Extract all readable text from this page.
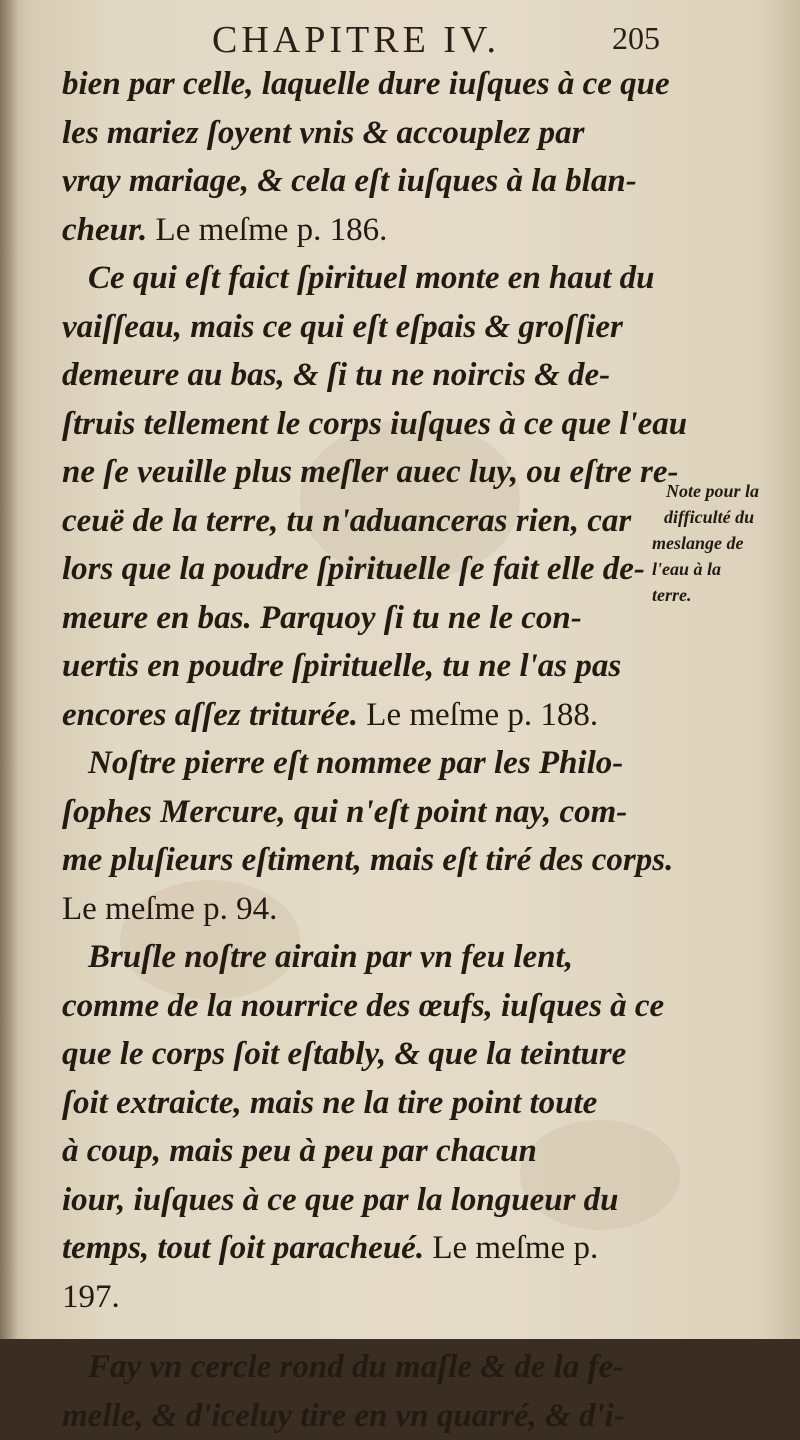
CHAPITRE IV.	205
bien par celle, laquelle dure iuſques à ce que
les mariez ſoyent vnis & accouplez par
vray mariage, & cela eſt iuſques à la blan-
cheur. Le meſme p. 186.
Ce qui eſt faict ſpirituel monte en haut du
vaiſſeau, mais ce qui eſt eſpais & groſſier
demeure au bas, & ſi tu ne noircis & de-
ſtruis tellement le corps iuſques à ce que l'eau
ne ſe veuille plus meſler auec luy, ou eſtre re-
ceuë de la terre, tu n'aduanceras rien, car
lors que la poudre ſpirituelle ſe fait elle de-
meure en bas. Parquoy ſi tu ne le con-
uertis en poudre ſpirituelle, tu ne l'as pas
encores aſſez triturée. Le meſme p. 188.
Noſtre pierre eſt nommee par les Philo-
ſophes Mercure, qui n'eſt point nay, com-
me pluſieurs eſtiment, mais eſt tiré des corps.
Le meſme p. 94.
Bruſle noſtre airain par vn feu lent,
comme de la nourrice des œufs, iuſques à ce
que le corps ſoit eſtably, & que la teinture
ſoit extraicte, mais ne la tire point toute
à coup, mais peu à peu par chacun
iour, iuſques à ce que par la longueur du
temps, tout ſoit paracheué. Le meſme p.
197.
Fay vn cercle rond du maſle & de la fe-
melle, & d'iceluy tire en vn quarré, & d'i-
Note pour la
difficulté du
meslange de
l'eau à la
terre.
